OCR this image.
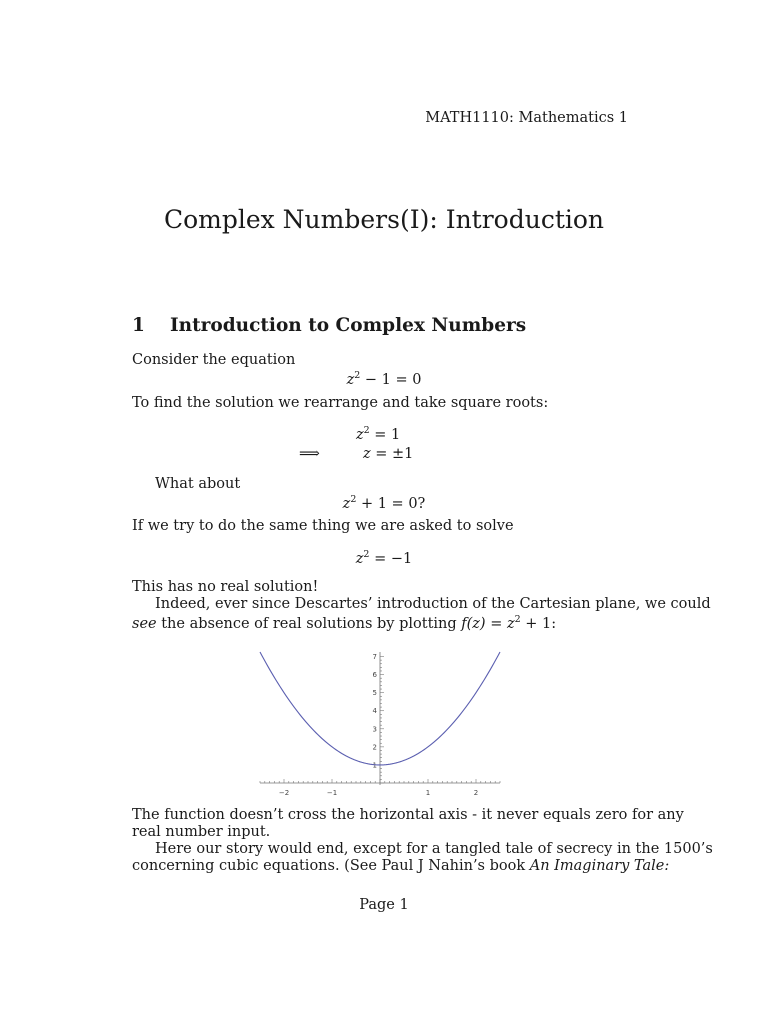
MATH1110: Mathematics 1
Complex Numbers(I): Introduction
1 Introduction to Complex Numbers
Consider the equation
$z^2 - 1 = 0$
To find the solution we rearrange and take square roots:
$z^2 = 1$
⟹	z = ±1
What about
$z^2 + 1 = 0$?
If we try to do the same thing we are asked to solve
$z^2 = -1$
This has no real solution!
Indeed, ever since Descartes’ introduction of the Cartesian plane, we could
see the absence of real solutions by plotting $f(z) = z^2 + 1$:
−2	−1	1	2
1
2
3
4
5
6
7
The function doesn’t cross the horizontal axis - it never equals zero for any
real number input.
Here our story would end, except for a tangled tale of secrecy in the 1500’s
concerning cubic equations. (See Paul J Nahin’s book An Imaginary Tale:
Page 1
